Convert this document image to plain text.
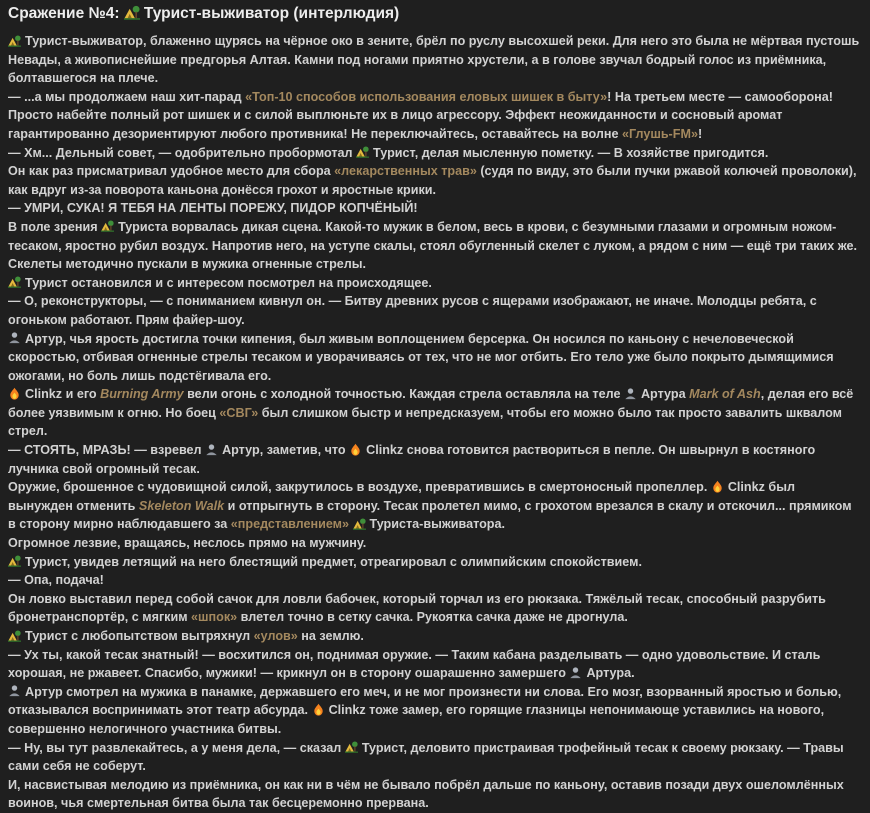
Сражение №4:
Турист-выживатор (интерлюдия)

Турист-выживатор, блаженно щурясь на чёрное око в зените, брёл по руслу высохшей реки. Для него это была не мёртвая пустошь Невады, а живописнейшие предгорья Алтая. Камни под ногами приятно хрустели, а в голове звучал бодрый голос из приёмника, болтавшегося на плече.

— ...а мы продолжаем наш хит-парад «Топ-10 способов использования еловых шишек в быту»! На третьем месте — самооборона! Просто набейте полный рот шишек и с силой выплюньте их в лицо агрессору. Эффект неожиданности и сосновый аромат гарантированно дезориентируют любого противника! Не переключайтесь, оставайтесь на волне «Глушь-FM»!

— Хм... Дельный совет, — одобрительно пробормотал
Турист, делая мысленную пометку. — В хозяйстве пригодится.

Он как раз присматривал удобное место для сбора «лекарственных трав» (судя по виду, это были пучки ржавой колючей проволоки), как вдруг из-за поворота каньона донёсся грохот и яростные крики.

— УМРИ, СУКА! Я ТЕБЯ НА ЛЕНТЫ ПОРЕЖУ, ПИДОР КОПЧЁНЫЙ!

В поле зрения
Туриста ворвалась дикая сцена. Какой-то мужик в белом, весь в крови, с безумными глазами и огромным ножом-тесаком, яростно рубил воздух. Напротив него, на уступе скалы, стоял обугленный скелет с луком, а рядом с ним — ещё три таких же. Скелеты методично пускали в мужика огненные стрелы.

Турист остановился и с интересом посмотрел на происходящее.

— О, реконструкторы, — с пониманием кивнул он. — Битву древних русов с ящерами изображают, не иначе. Молодцы ребята, с огоньком работают. Прям файер-шоу.

Артур, чья ярость достигла точки кипения, был живым воплощением берсерка. Он носился по каньону с нечеловеческой скоростью, отбивая огненные стрелы тесаком и уворачиваясь от тех, что не мог отбить. Его тело уже было покрыто дымящимися ожогами, но боль лишь подстёгивала его.

Clinkz и его Burning Army вели огонь с холодной точностью. Каждая стрела оставляла на теле
Артура Mark of Ash, делая его всё более уязвимым к огню. Но боец «СВГ» был слишком быстр и непредсказуем, чтобы его можно было так просто завалить шквалом стрел.

— СТОЯТЬ, МРАЗЬ! — взревел
Артур, заметив, что
Clinkz снова готовится раствориться в пепле. Он швырнул в костяного лучника свой огромный тесак.

Оружие, брошенное с чудовищной силой, закрутилось в воздухе, превратившись в смертоносный пропеллер.
Clinkz был вынужден отменить Skeleton Walk и отпрыгнуть в сторону. Тесак пролетел мимо, с грохотом врезался в скалу и отскочил... прямиком в сторону мирно наблюдавшего за «представлением» Туриста-выживатора.

Огромное лезвие, вращаясь, неслось прямо на мужчину.

Турист, увидев летящий на него блестящий предмет, отреагировал с олимпийским спокойствием.

— Опа, подача!

Он ловко выставил перед собой сачок для ловли бабочек, который торчал из его рюкзака. Тяжёлый тесак, способный разрубить бронетранспортёр, с мягким «шпок» влетел точно в сетку сачка. Рукоятка сачка даже не дрогнула.

Турист с любопытством вытряхнул «улов» на землю.

— Ух ты, какой тесак знатный! — восхитился он, поднимая оружие. — Таким кабана разделывать — одно удовольствие. И сталь хорошая, не ржавеет. Спасибо, мужики! — крикнул он в сторону ошарашенно замершего
Артура.

Артур смотрел на мужика в панамке, державшего его меч, и не мог произнести ни слова. Его мозг, взорванный яростью и болью, отказывался воспринимать этот театр абсурда.
Clinkz тоже замер, его горящие глазницы непонимающе уставились на нового, совершенно нелогичного участника битвы.

— Ну, вы тут развлекайтесь, а у меня дела, — сказал
Турист, деловито пристраивая трофейный тесак к своему рюкзаку. — Травы сами себя не соберут.

И, насвистывая мелодию из приёмника, он как ни в чём не бывало побрёл дальше по каньону, оставив позади двух ошеломлённых воинов, чья смертельная битва была так бесцеремонно прервана.
